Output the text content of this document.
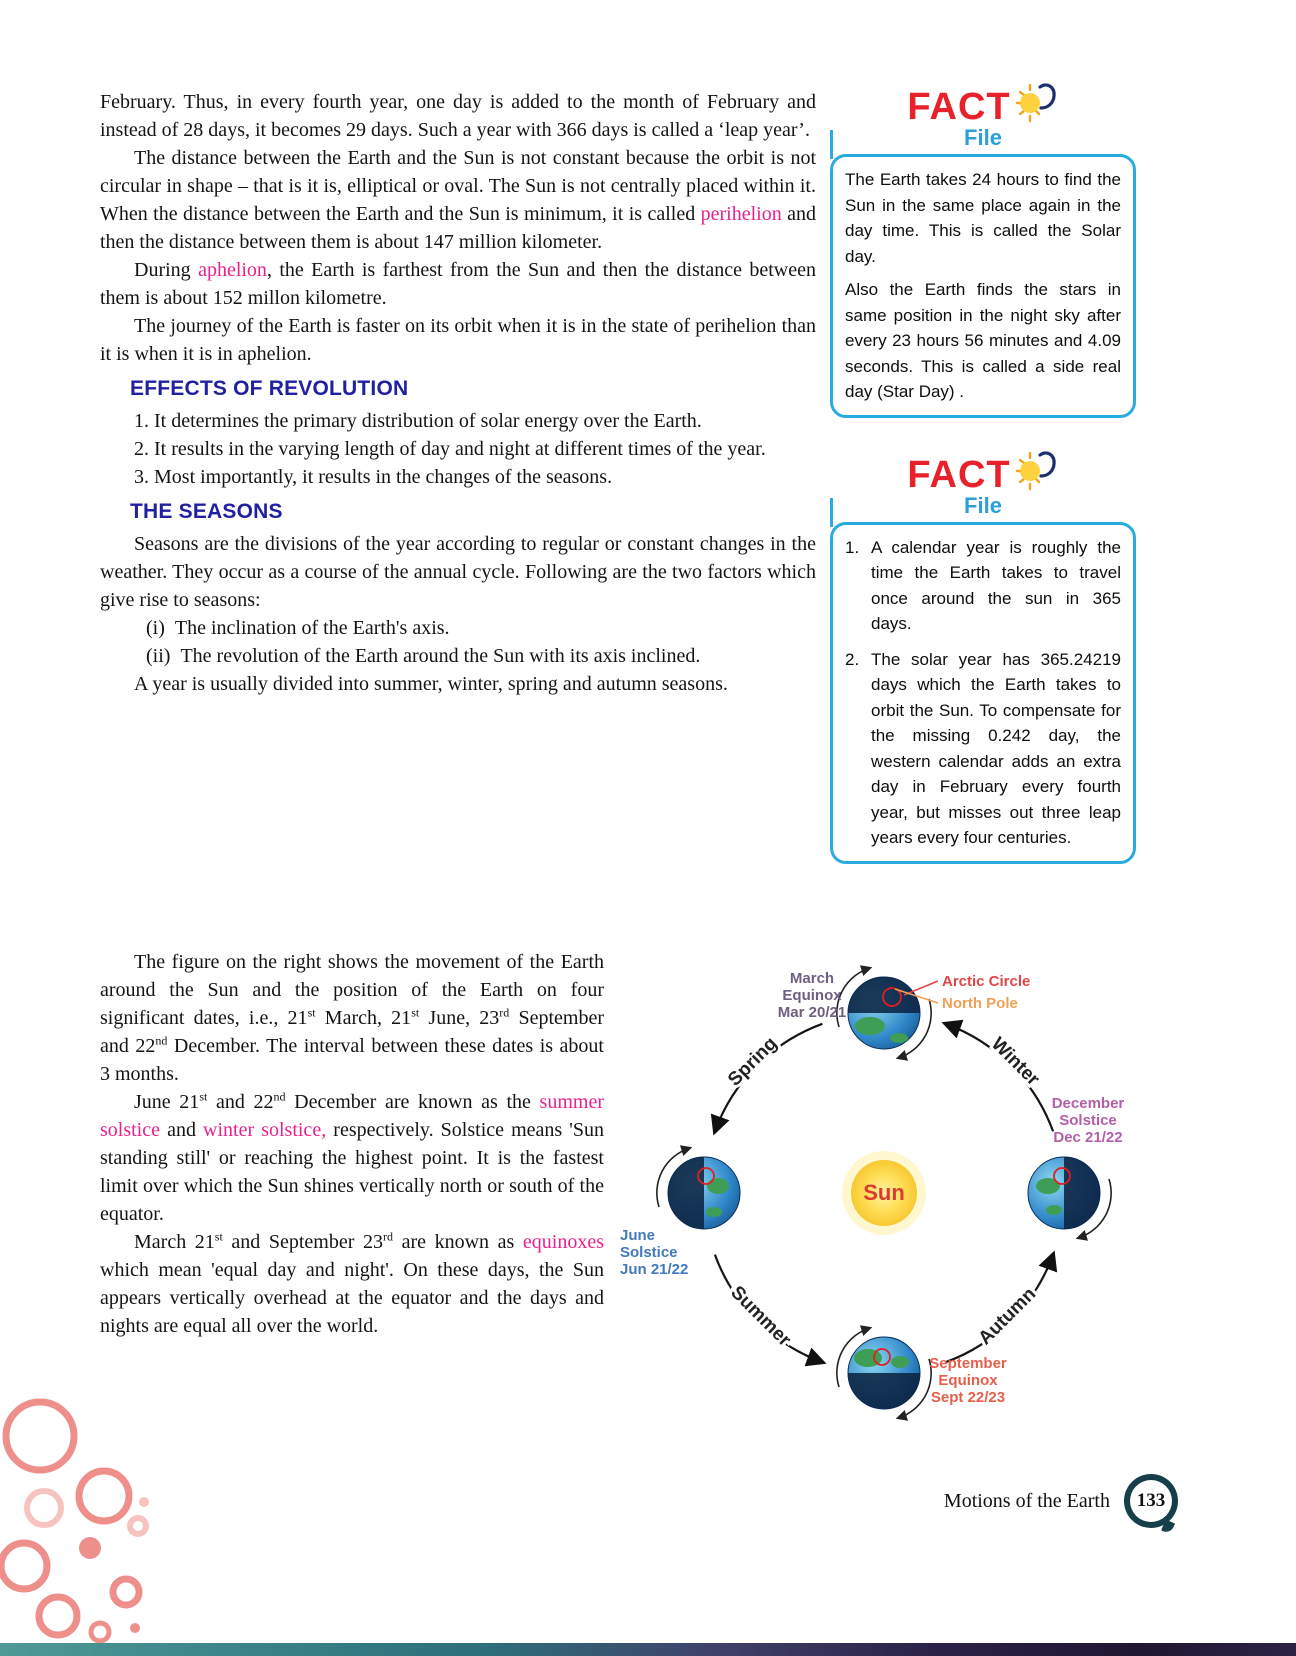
FACT
File

The Earth takes 24 hours to find the Sun in the same place again in the day time. This is called the Solar day.

Also the Earth finds the stars in same position in the night sky after every 23 hours 56 minutes and 4.09 seconds. This is called a side real day (Star Day) .

FACT
File
1. A calendar year is roughly the time the Earth takes to travel once around the sun in 365 days.

2. The solar year has 365.24219 days which the Earth takes to orbit the Sun. To compensate for the missing 0.242 day, the western calendar adds an extra day in February every fourth year, but misses out three leap years every four centuries.

February. Thus, in every fourth year, one day is added to the month of February and instead of 28 days, it becomes 29 days. Such a year with 366 days is called a ‘leap year’.

The distance between the Earth and the Sun is not constant because the orbit is not circular in shape – that is it is, elliptical or oval. The Sun is not centrally placed within it. When the distance between the Earth and the Sun is minimum, it is called perihelion and then the distance between them is about 147 million kilometer.

During aphelion, the Earth is farthest from the Sun and then the distance between them is about 152 millon kilometre.

The journey of the Earth is faster on its orbit when it is in the state of perihelion than it is when it is in aphelion.

EFFECTS OF REVOLUTION

1. It determines the primary distribution of solar energy over the Earth.

2. It results in the varying length of day and night at different times of the year.

3. Most importantly, it results in the changes of the seasons.

THE SEASONS

Seasons are the divisions of the year according to regular or constant changes in the weather. They occur as a course of the annual cycle. Following are the two factors which give rise to seasons:

(i) The inclination of the Earth's axis.

(ii) The revolution of the Earth around the Sun with its axis inclined.

A year is usually divided into summer, winter, spring and autumn seasons.

The figure on the right shows the movement of the Earth around the Sun and the position of the Earth on four significant dates, i.e., 21st March, 21st June, 23rd September and 22nd December. The interval between these dates is about 3 months.

June 21st and 22nd December are known as the summer solstice and winter solstice, respectively. Solstice means 'Sun standing still' or reaching the highest point. It is the fastest limit over which the Sun shines vertically north or south of the equator.

March 21st and September 23rd are known as equinoxes which mean 'equal day and night'. On these days, the Sun appears vertically overhead at the equator and the days and nights are equal all over the world.

Spring	Winter
Summer	Autumn
Sun
March
Equinox
Mar 20/21
December
Solstice
Dec 21/22
September
Equinox
Sept 22/23
June
Solstice
Jun 21/22
Arctic Circle
North Pole
Motions of the Earth	133
